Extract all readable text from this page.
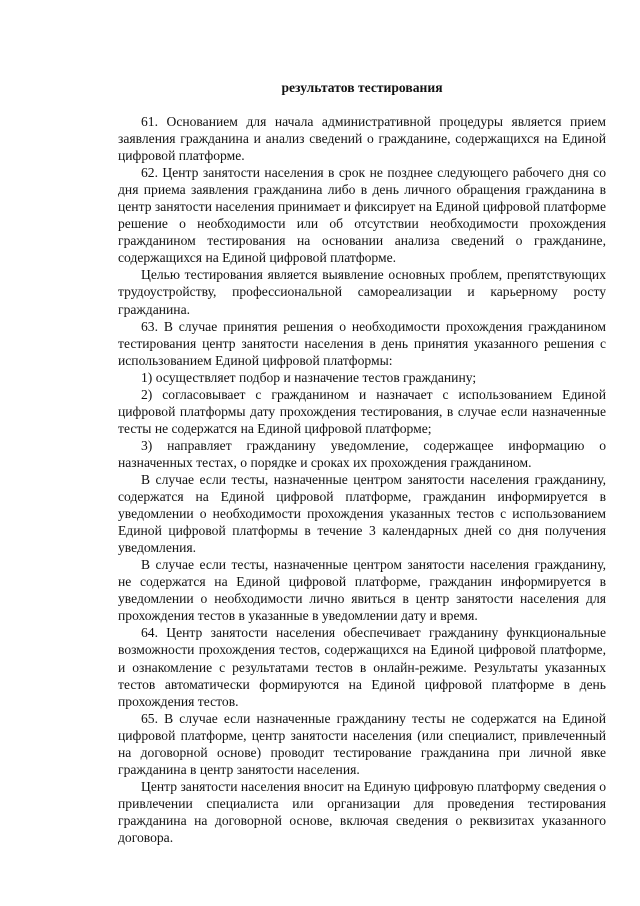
результатов тестирования

61. Основанием для начала административной процедуры является прием заявления гражданина и анализ сведений о гражданине, содержащихся на Единой цифровой платформе.

62. Центр занятости населения в срок не позднее следующего рабочего дня со дня приема заявления гражданина либо в день личного обращения гражданина в центр занятости населения принимает и фиксирует на Единой цифровой платформе решение о необходимости или об отсутствии необходимости прохождения гражданином тестирования на основании анализа сведений о гражданине, содержащихся на Единой цифровой платформе.

Целью тестирования является выявление основных проблем, препятствующих трудоустройству, профессиональной самореализации и карьерному росту гражданина.

63. В случае принятия решения о необходимости прохождения гражданином тестирования центр занятости населения в день принятия указанного решения с использованием Единой цифровой платформы:

1) осуществляет подбор и назначение тестов гражданину;

2) согласовывает с гражданином и назначает с использованием Единой цифровой платформы дату прохождения тестирования, в случае если назначенные тесты не содержатся на Единой цифровой платформе;

3) направляет гражданину уведомление, содержащее информацию о назначенных тестах, о порядке и сроках их прохождения гражданином.

В случае если тесты, назначенные центром занятости населения гражданину, содержатся на Единой цифровой платформе, гражданин информируется в уведомлении о необходимости прохождения указанных тестов с использованием Единой цифровой платформы в течение 3 календарных дней со дня получения уведомления.

В случае если тесты, назначенные центром занятости населения гражданину, не содержатся на Единой цифровой платформе, гражданин информируется в уведомлении о необходимости лично явиться в центр занятости населения для прохождения тестов в указанные в уведомлении дату и время.

64. Центр занятости населения обеспечивает гражданину функциональные возможности прохождения тестов, содержащихся на Единой цифровой платформе, и ознакомление с результатами тестов в онлайн-режиме. Результаты указанных тестов автоматически формируются на Единой цифровой платформе в день прохождения тестов.

65. В случае если назначенные гражданину тесты не содержатся на Единой цифровой платформе, центр занятости населения (или специалист, привлеченный на договорной основе) проводит тестирование гражданина при личной явке гражданина в центр занятости населения.

Центр занятости населения вносит на Единую цифровую платформу сведения о привлечении специалиста или организации для проведения тестирования гражданина на договорной основе, включая сведения о реквизитах указанного договора.
